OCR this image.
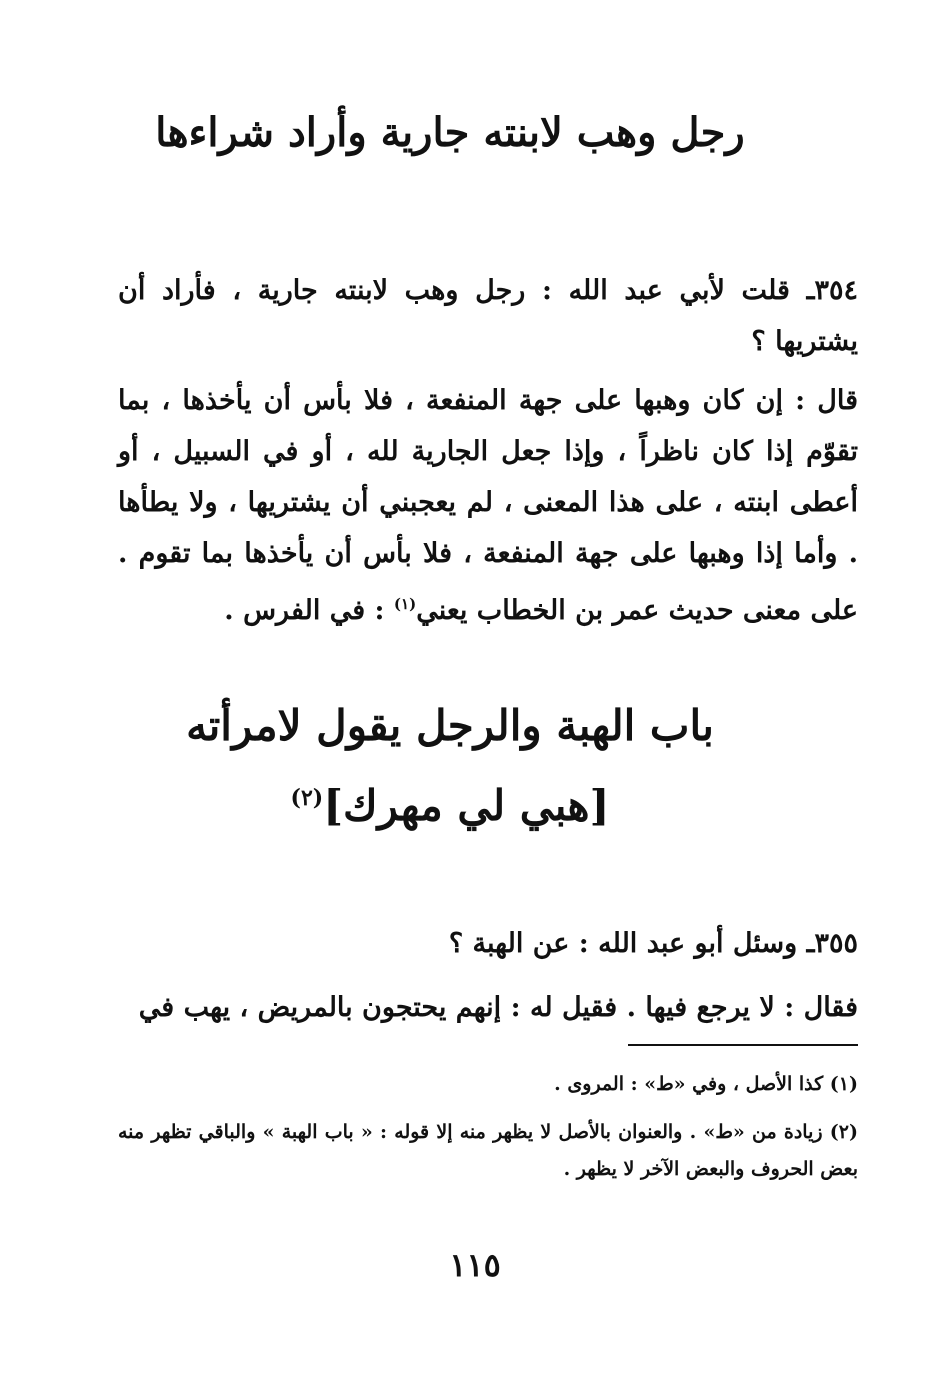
رجل وهب لابنته جارية وأراد شراءها
٣٥٤ـ قلت لأبي عبد الله : رجل وهب لابنته جارية ، فأراد أن يشتريها ؟
قال : إن كان وهبها على جهة المنفعة ، فلا بأس أن يأخذها ، بما تقوّم إذا كان ناظراً ، وإذا جعل الجارية لله ، أو في السبيل ، أو أعطى ابنته ، على هذا المعنى ، لم يعجبني أن يشتريها ، ولا يطأها . وأما إذا وهبها على جهة المنفعة ، فلا بأس أن يأخذها بما تقوم . على معنى حديث عمر بن الخطاب يعني$^{(١)}$ : في الفرس .
باب الهبة والرجل يقول لامرأته
[هبي لي مهرك]$^{(٢)}$
٣٥٥ـ وسئل أبو عبد الله : عن الهبة ؟
فقال : لا يرجع فيها . فقيل له : إنهم يحتجون بالمريض ، يهب في
(١) كذا الأصل ، وفي «ط» : المروى .
(٢) زيادة من «ط» . والعنوان بالأصل لا يظهر منه إلا قوله : « باب الهبة » والباقي تظهر منه بعض الحروف والبعض الآخر لا يظهر .
١١٥
